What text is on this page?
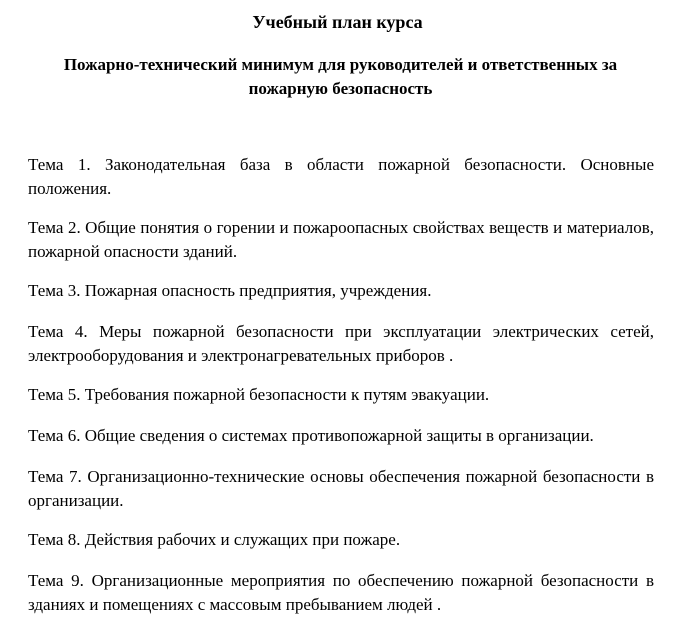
Учебный план курса
Пожарно-технический минимум для руководителей и ответственных за пожарную безопасность
Тема 1. Законодательная база в области пожарной безопасности. Основные положения.
Тема 2. Общие понятия о горении и пожароопасных свойствах веществ и материалов, пожарной опасности зданий.
Тема 3. Пожарная опасность предприятия, учреждения.
Тема 4. Меры пожарной безопасности при эксплуатации электрических сетей, электрооборудования и электронагревательных приборов .
Тема 5. Требования пожарной безопасности к путям эвакуации.
Тема 6. Общие сведения о системах противопожарной защиты в организации.
Тема 7. Организационно-технические основы обеспечения пожарной безопасности в организации.
Тема 8. Действия рабочих и служащих при пожаре.
Тема 9. Организационные мероприятия по обеспечению пожарной безопасности в зданиях и помещениях с массовым пребыванием людей .
